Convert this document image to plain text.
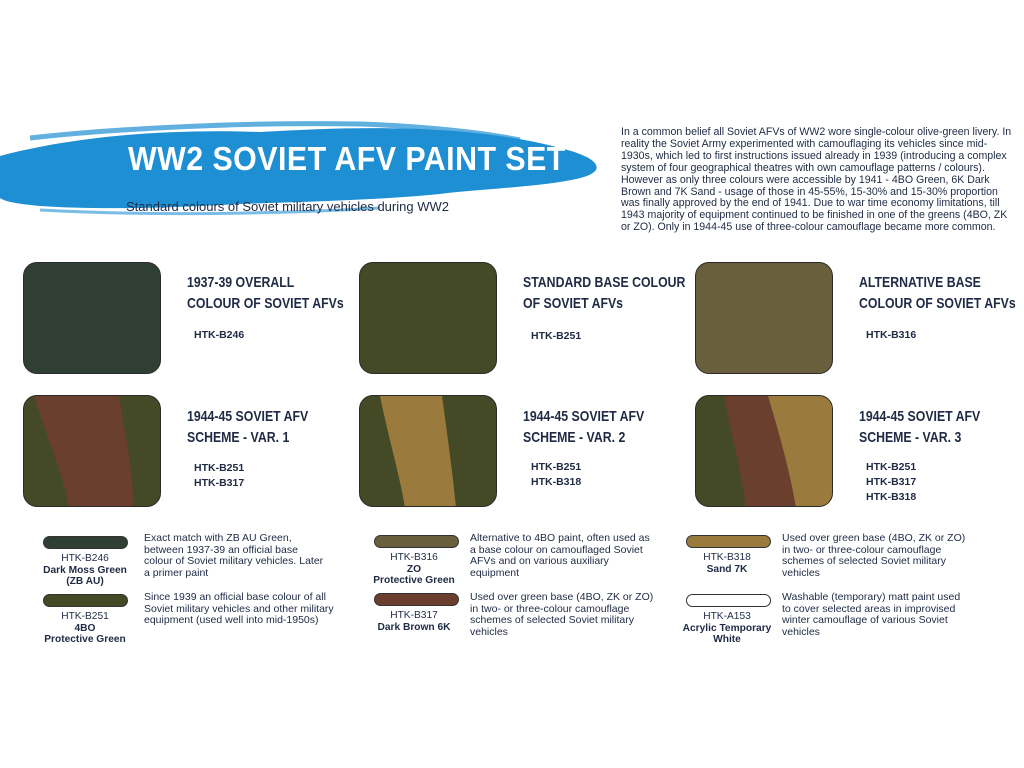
WW2 SOVIET AFV PAINT SET
Standard colours of Soviet military vehicles during WW2
In a common belief all Soviet AFVs of WW2 wore single-colour olive-green livery. In reality the Soviet Army experimented with camouflaging its vehicles since mid-1930s, which led to first instructions issued already in 1939 (introducing a complex system of four geographical theatres with own camouflage patterns / colours). However as only three colours were accessible by 1941 - 4BO Green, 6K Dark Brown and 7K Sand - usage of those in 45-55%, 15-30% and 15-30% proportion was finally approved by the end of 1941. Due to war time economy limitations, till 1943 majority of equipment continued to be finished in one of the greens (4BO, ZK or ZO). Only in 1944-45 use of three-colour camouflage became more common.
1937-39 OVERALL
COLOUR OF SOVIET AFVs
HTK-B246
STANDARD BASE COLOUR
OF SOVIET AFVs
HTK-B251
ALTERNATIVE BASE
COLOUR OF SOVIET AFVs
HTK-B316
1944-45 SOVIET AFV
SCHEME - VAR. 1
HTK-B251
HTK-B317
1944-45 SOVIET AFV
SCHEME - VAR. 2
HTK-B251
HTK-B318
1944-45 SOVIET AFV
SCHEME - VAR. 3
HTK-B251
HTK-B317
HTK-B318
HTK-B246
Dark Moss Green
(ZB AU)
Exact match with ZB AU Green, between 1937-39 an official base colour of Soviet military vehicles. Later a primer paint
HTK-B251
4BO
Protective Green
Since 1939 an official base colour of all Soviet military vehicles and other military equipment (used well into mid-1950s)
HTK-B316
ZO
Protective Green
Alternative to 4BO paint, often used as a base colour on camouflaged Soviet AFVs and on various auxiliary equipment
HTK-B317
Dark Brown 6K
Used over green base (4BO, ZK or ZO) in two- or three-colour camouflage schemes of selected Soviet military vehicles
HTK-B318
Sand 7K
Used over green base (4BO, ZK or ZO) in two- or three-colour camouflage schemes of selected Soviet military vehicles
HTK-A153
Acrylic Temporary
White
Washable (temporary) matt paint used to cover selected areas in improvised winter camouflage of various Soviet vehicles
